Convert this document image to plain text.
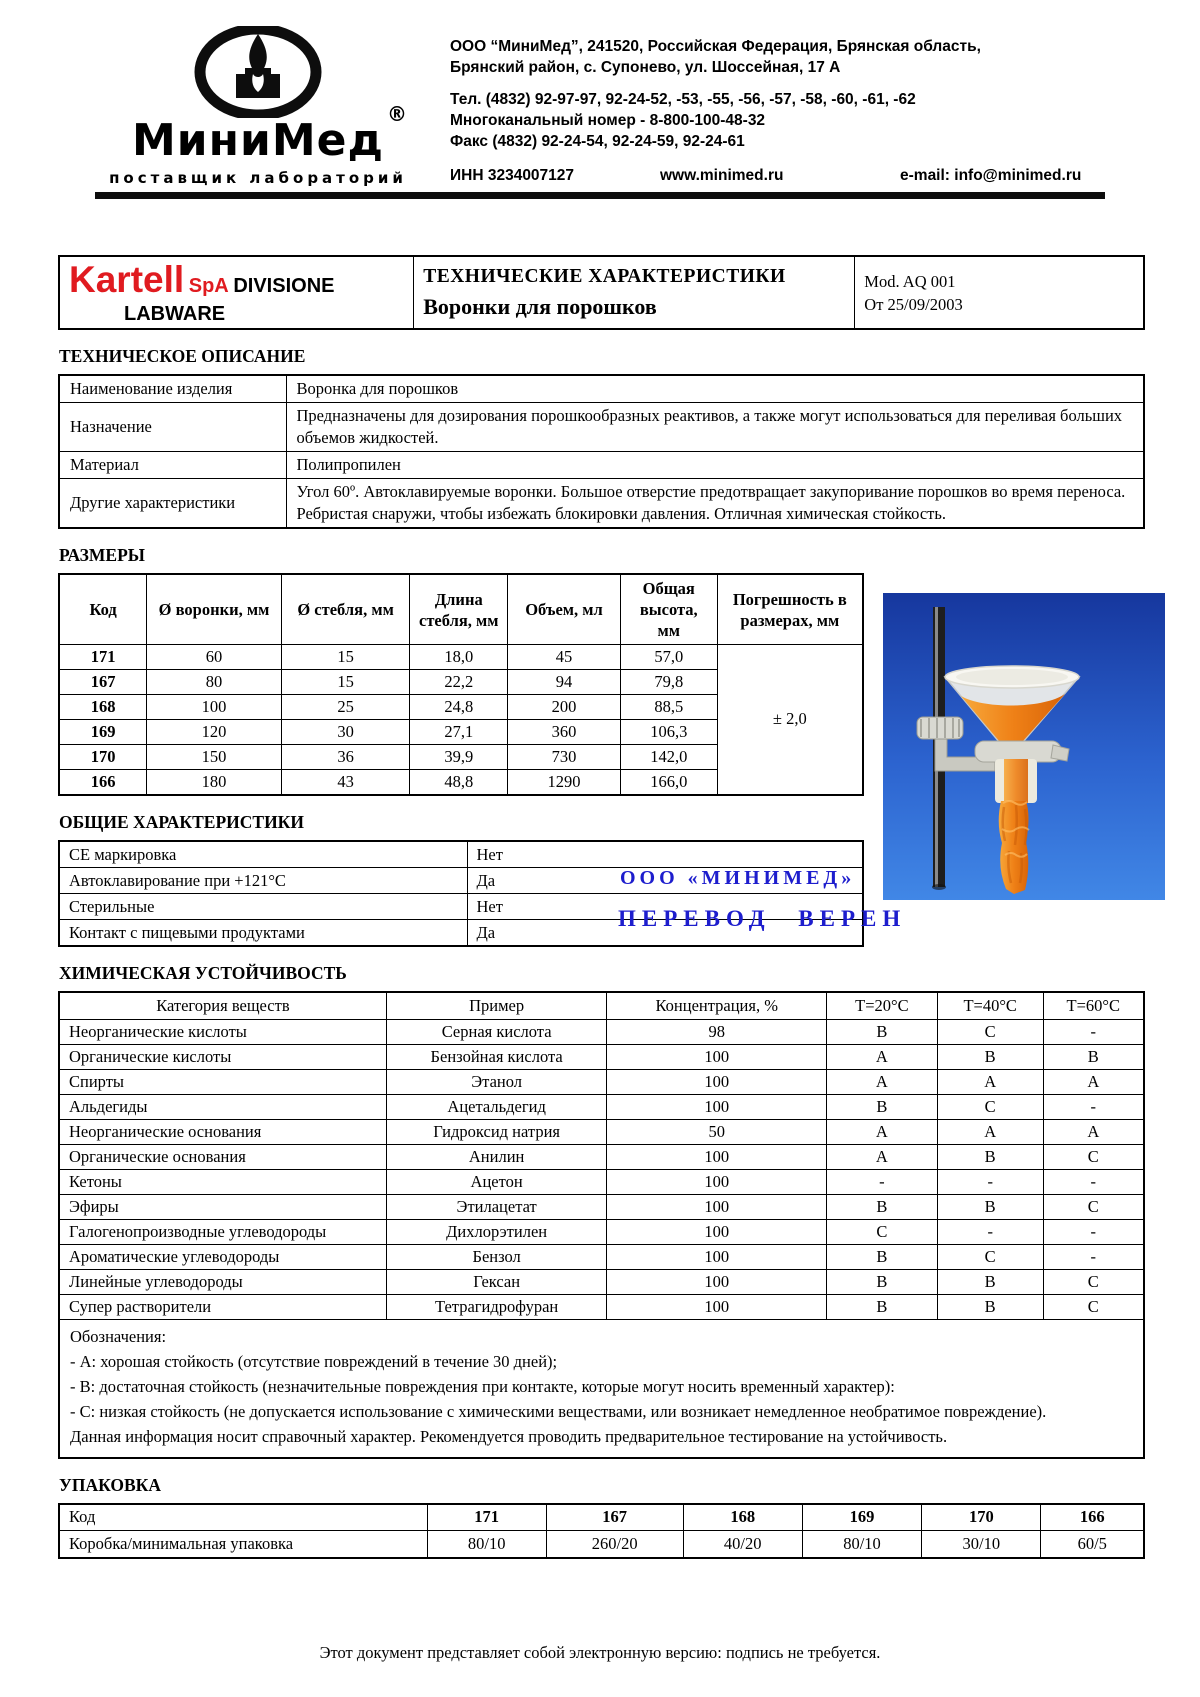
МиниМед
®
поставщик лабораторий
ООО “МиниМед”, 241520, Российская Федерация, Брянская область,
Брянский район, с. Супонево, ул. Шоссейная, 17 А
Тел. (4832) 92-97-97, 92-24-52, -53, -55, -56, -57, -58, -60, -61, -62
Многоканальный номер - 8-800-100-48-32
Факс (4832) 92-24-54, 92-24-59, 92-24-61
ИНН 3234007127	www.minimed.ru	e-mail: info@minimed.ru
Kartell SpA DIVISIONE
LABWARE

ТЕХНИЧЕСКИЕ ХАРАКТЕРИСТИКИ
Воронки для порошков

Mod. AQ 001
От 25/09/2003
ТЕХНИЧЕСКОЕ ОПИСАНИЕ
Наименование изделия	Воронка для порошков
Назначение	Предназначены для дозирования порошкообразных реактивов, а также могут использоваться для переливая больших объемов жидкостей.
Материал	Полипропилен
Другие характеристики	Угол 60º. Автоклавируемые воронки. Большое отверстие предотвращает закупоривание порошков во время переноса. Ребристая снаружи, чтобы избежать блокировки давления. Отличная химическая стойкость.
РАЗМЕРЫ
Код	Ø воронки, мм	Ø стебля, мм	Длина стебля, мм	Объем, мл	Общая высота, мм	Погрешность в размерах, мм
171	60	15	18,0	45	57,0	± 2,0
167	80	15	22,2	94	79,8	
168	100	25	24,8	200	88,5	
169	120	30	27,1	360	106,3	
170	150	36	39,9	730	142,0	
166	180	43	48,8	1290	166,0	
ОБЩИЕ ХАРАКТЕРИСТИКИ
СЕ маркировка	Нет
Автоклавирование при +121°С	Да
Стерильные	Нет
Контакт с пищевыми продуктами	Да
ООО «МИНИМЕД»
ПЕРЕВОД ВЕРЕН
ХИМИЧЕСКАЯ УСТОЙЧИВОСТЬ
Категория веществ	Пример	Концентрация, %	Т=20°С	Т=40°С	Т=60°С
Неорганические кислоты	Серная кислота	98	В	С	-
Органические кислоты	Бензойная кислота	100	А	В	В
Спирты	Этанол	100	А	А	А
Альдегиды	Ацетальдегид	100	В	С	-
Неорганические основания	Гидроксид натрия	50	А	А	А
Органические основания	Анилин	100	А	В	С
Кетоны	Ацетон	100	-	-	-
Эфиры	Этилацетат	100	В	В	С
Галогенопроизводные углеводороды	Дихлорэтилен	100	С	-	-
Ароматические углеводороды	Бензол	100	В	С	-
Линейные углеводороды	Гексан	100	В	В	С
Супер растворители	Тетрагидрофуран	100	В	В	С

Обозначения:
- А: хорошая стойкость (отсутствие повреждений в течение 30 дней);
- В: достаточная стойкость (незначительные повреждения при контакте, которые могут носить временный характер):
- С: низкая стойкость (не допускается использование с химическими веществами, или возникает немедленное необратимое повреждение).
Данная информация носит справочный характер. Рекомендуется проводить предварительное тестирование на устойчивость.					
УПАКОВКА
Код	171	167	168	169	170	166
Коробка/минимальная упаковка	80/10	260/20	40/20	80/10	30/10	60/5
Этот документ представляет собой электронную версию: подпись не требуется.
